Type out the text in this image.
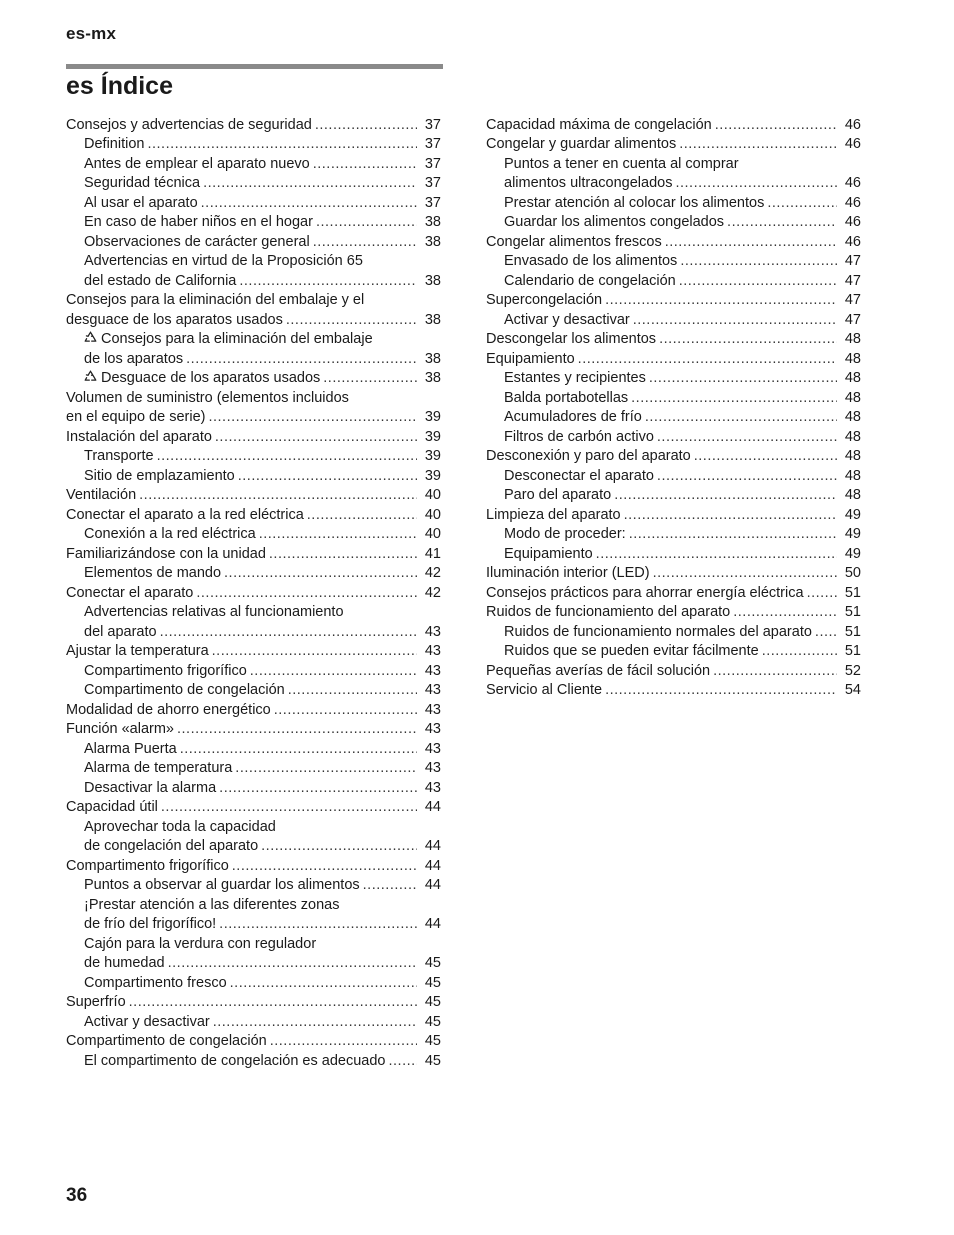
es-mx
es Índice
Consejos y advertencias de seguridad .....	37
Definition .....	37
Antes de emplear el aparato nuevo .....	37
Seguridad técnica .....	37
Al usar el aparato .....	37
En caso de haber niños en el hogar .....	38
Observaciones de carácter general .....	38
Advertencias en virtud de la Proposición 65
del estado de California .....	38
Consejos para la eliminación del embalaje y el
desguace de los aparatos usados .....	38
Consejos para la eliminación del embalaje
de los aparatos .....	38
Desguace de los aparatos usados .....	38
Volumen de suministro (elementos incluidos
en el equipo de serie) .....	39
Instalación del aparato .....	39
Transporte .....	39
Sitio de emplazamiento .....	39
Ventilación .....	40
Conectar el aparato a la red eléctrica .....	40
Conexión a la red eléctrica .....	40
Familiarizándose con la unidad .....	41
Elementos de mando .....	42
Conectar el aparato .....	42
Advertencias relativas al funcionamiento
del aparato .....	43
Ajustar la temperatura .....	43
Compartimento frigorífico .....	43
Compartimento de congelación .....	43
Modalidad de ahorro energético .....	43
Función «alarm» .....	43
Alarma Puerta .....	43
Alarma de temperatura .....	43
Desactivar la alarma .....	43
Capacidad útil .....	44
Aprovechar toda la capacidad
de congelación del aparato .....	44
Compartimento frigorífico .....	44
Puntos a observar al guardar los alimentos .....	44
¡Prestar atención a las diferentes zonas
de frío del frigorífico! .....	44
Cajón para la verdura con regulador
de humedad .....	45
Compartimento fresco .....	45
Superfrío .....	45
Activar y desactivar .....	45
Compartimento de congelación .....	45
El compartimento de congelación es adecuado .....	45
Capacidad máxima de congelación .....	46
Congelar y guardar alimentos .....	46
Puntos a tener en cuenta al comprar
alimentos ultracongelados .....	46
Prestar atención al colocar los alimentos .....	46
Guardar los alimentos congelados .....	46
Congelar alimentos frescos .....	46
Envasado de los alimentos .....	47
Calendario de congelación .....	47
Supercongelación .....	47
Activar y desactivar .....	47
Descongelar los alimentos .....	48
Equipamiento .....	48
Estantes y recipientes .....	48
Balda portabotellas .....	48
Acumuladores de frío .....	48
Filtros de carbón activo .....	48
Desconexión y paro del aparato .....	48
Desconectar el aparato .....	48
Paro del aparato .....	48
Limpieza del aparato .....	49
Modo de proceder: .....	49
Equipamiento .....	49
Iluminación interior (LED) .....	50
Consejos prácticos para ahorrar energía eléctrica .....	51
Ruidos de funcionamiento del aparato .....	51
Ruidos de funcionamiento normales del aparato .....	51
Ruidos que se pueden evitar fácilmente .....	51
Pequeñas averías de fácil solución .....	52
Servicio al Cliente .....	54
36
